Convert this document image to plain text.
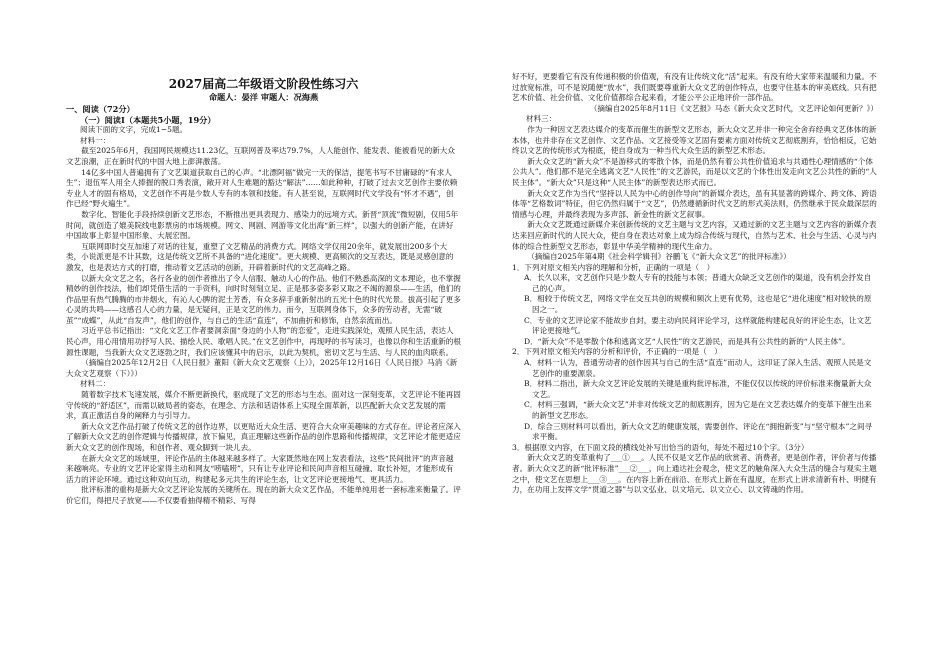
2027届高二年级语文阶段性练习六

命题人：晏洋 审题人：况海燕

一、阅读（72分）

（一）阅读Ⅰ（本题共5小题，19分）

阅读下面的文字，完成1~5题。

材料一：

截至2025年6月，我国网民规模达11.23亿，互联网普及率达79.7%，人人能创作、能发表、能被看见的新大众文艺浪潮，正在新时代的中国大地上澎湃激荡。

14亿多中国人普遍拥有了文艺渠道获取自己的心声。“北漂阿福”做完一天的保洁，提笔书写不甘庸碌的“有求人生”；退伍军人用全人捧握的脱口秀表演，敞开对人生难题的豁达“解法”……如此种种，打破了过去文艺创作主要依赖专业人才的固有格局，文艺创作不再是少数人专有的本领和技能。有人甚至说，互联网时代文学没有“怀才不遇”，创作已经“野火遍生”。

数字化、智能化手段持续创新文艺形态，不断推出更具表现力、感染力的远境方式。新晋“顶流”微短剧，仅用5年时间，就创造了媲美院线电影票房的市场规模。网文、网剧、网游等文化出海“新三样”，以强大的创新产能，在讲好中国故事上彰显中国形象、大展宏图。

互联网即时交互加速了对话的往复，重塑了文艺精品的消费方式。网络文学仅用20余年，就发展出200多个大类，小说派更是不计其数，这是传统文艺所不具备的“进化速度”。更大规模、更高频次的交互表达，既是灵感创意的激发，也是表达方式的打磨，推动着文艺活动的创新，开辟着新时代的文艺高峰之路。

以新大众文艺之名，各行各业的创作者推出了令人信服、触动人心的作品。他们不熟悉高深的文本理论，也不掌握精妙的创作技法，他们却凭借生活的一手资料，向时时刻刻立足、正是那多姿多彩又取之不竭的源泉——生活，他们的作品里有热气腾腾的市井烟火，有沁人心脾的泥土芳香，有众多辞手重新射出的五光十色的时代光景。拔高引起了更多心灵的共鸣——这感召人心的力量，是无疑问，正是文艺的伟力。而今，互联网身体下，众多的劳动者，无需“破茧”“成蝶”，从此“自发声”，他们的创作，与自己的生活“直连”，不加曲折和修饰，自然亲流而出。

习近平总书记指出：“文化文艺工作者要洞亲面“身边的小人物”的恋爱”，走进实践深处，观照人民生活，表达人民心声，用心用情用功抒写人民、描绘人民、歌唱人民。”在文艺创作中，再现呼的书写读习，也像以你和生活重新的根源性课题，当我新大众文艺逐勃之时，我们应该懂其中的启示，以此为契机，密切文艺与生活、与人民的血肉联系。

（摘编自2025年12月2日《人民日报》董阳《新大众文艺观察（上）》，2025年12月16日《人民日报》马消《新大众文艺观察（下）》）

材料二：

随着数字技术飞速发展，媒介不断更新换代，驱成现了文艺的形态与生态。面对这一深刻变革，文艺评论不能再固守传统的“舒适区”，而需以破局者的姿态，在理念、方法和话语体系上实现全面革新，以匹配新大众文艺发展的需求，真正激活自身的阐释力与引导力。

新大众文艺作品打破了传统文艺的创作边界，以更贴近大众生活、更符合大众审美趣味的方式存在。评论者应深入了解新大众文艺的创作逻辑与传播规律，放下偏见，真正理解这些新作品的创作思路和传播规律，文艺评论才能更适应新大众文艺的创作现场，和创作者、观众脚到一块儿去。

在新大众文艺的场域里，评论作品的主体越来越多样了。大家既然地在网上发表看法，这些“民间批评”的声音越来越响亮。专业的文艺评论家得主动和网友“唠嗑唠”，只有让专业评论和民间声音相互碰撞、取长补短，才能形成有活力的评论环境。通过这种双向互动，构建起多元共生的评论生态，让文艺评论更接地气、更具活力。

批评标准的重构是新大众文艺评论发展的关键所在。现在的新大众文艺作品，不能单纯用老一套标准来衡量了。评价它们，得把尺子放宽——不仅要看抽得精不精彩、写得

好不好，更要看它有没有传递积极的价值观，有没有让传统文化“活”起来。有没有给大家带来温暖和力量。不过放宽标准，可不是说随便“放水”，我们既要尊重新大众文艺的创作特点，也要守住基本的审美底线。只有把艺术价值、社会价值、文化价值都综合起来看，才能公平公正地评价一部作品。

（摘编自2025年8月11日《文艺报》马态《新大众文艺时代，文艺评论如何更新？》）

材料三：

作为一种因文艺表达媒介的变革而催生的新型文艺形态，新大众文艺并非一种完全舍弃经典文艺体体的新本体，也并非存在文艺创作、文艺作品、文艺接受等文艺固有要素方面对传统文艺彻底割弃，恰恰相反，它始终以文艺的传统形式为根底，使自身成为一种当代大众生活的新型艺术形态。

新大众文艺的“新大众”不是游移式的零散个体，而是仍然有着公共性价值追求与共通性心理情感的“个体公共人”。他们都不是完全逃离文艺“人民性”的文艺游民，而是以文艺的个体性出发走向文艺公共性的新的“人民主体”。“新大众”只是这种“人民主体”的新型表达形式而已。

新大众文艺作为当代“坚持以人民为中心的创作导向”的新媒介表达，虽有其显著的跨媒介、跨文体、跨语体等“艺格数词”特征，但它仍然归属于“文艺”，仍然遵循新时代文艺的形式美法则，仍然继承于民众最深层的情感与心理，并最终表现为多声部、新金性的新文艺叙事。

新大众文艺既通过新媒介来创新传统的文艺主题与文艺内容，又通过新的文艺主题与文艺内容的新媒介表达来回应新时代的人民大众，使自身在表达对象上成为综合传统与现代，自然与艺术、社会与生活、心灵与内体的综合性新型文艺形态，彰显中华美学精神的现代生命力。

（摘编自2025年第4期《社会科学辑刊》谷鹏飞《“新大众文艺”的批评标准》）

1．下列对原文相关内容的理解和分析，正确的一项是（　）

A．长久以来，文艺创作只是少数人专有的技能与本领；普通大众缺乏文艺创作的渠道，没有机会抒发自己的心声。

B．相较于传统文艺，网络文学在交互共创的规模和频次上更有优势，这也是它“进化速度”相对较快的原因之一。

C．专业的文艺评论家不能故步自封，要主动向民间评论学习，这样就能构建起良好的评论生态，让文艺评论更接地气。

D．“新大众”不是零散个体和逃离文艺“人民性”的文艺游民，而是具有公共性的新的“人民主体”。

2．下列对原文相关内容的分析和评价，不正确的一项是（　）

A．材料一认为，普通劳动者的创作因其与自己的生活“直连”而动人，这印证了深入生活、观照人民是文艺创作的重要源泉。

B．材料二指出，新大众文艺评论发展的关键是重构批评标准，不能仅仅以传统的评价标准来衡量新大众文艺。

C．材料三强调，“新大众文艺”并非对传统文艺的彻底割弃，因为它是在文艺表达媒介的变革下催生出来的新型文艺形态。

D．综合三则材料可以看出，新大众文艺的健康发展，需要创作、评论在“拥抱新变”与“坚守根本”之间寻求平衡。

3．根据原文内容，在下面文段的横线处补写出恰当的语句，每处不超过10个字。（3分）

新大众文艺的变革重构了___①___。人民不仅是文艺作品的欣赏者、消费者，更是创作者，评价者与传播者。新大众文艺的新“批评标准”___②___，向上通达社会观念，使文艺的触角深入大众生活的缝合与观实主题之中，使文艺在思想上___③___。在内容上新在前沿、在形式上新在有温度，在形式上讲求清新有朴、明健有力，在功用上发挥文学“贯道之器”与以文弘业、以文培元、以文立心、以文铸魂的作用。
